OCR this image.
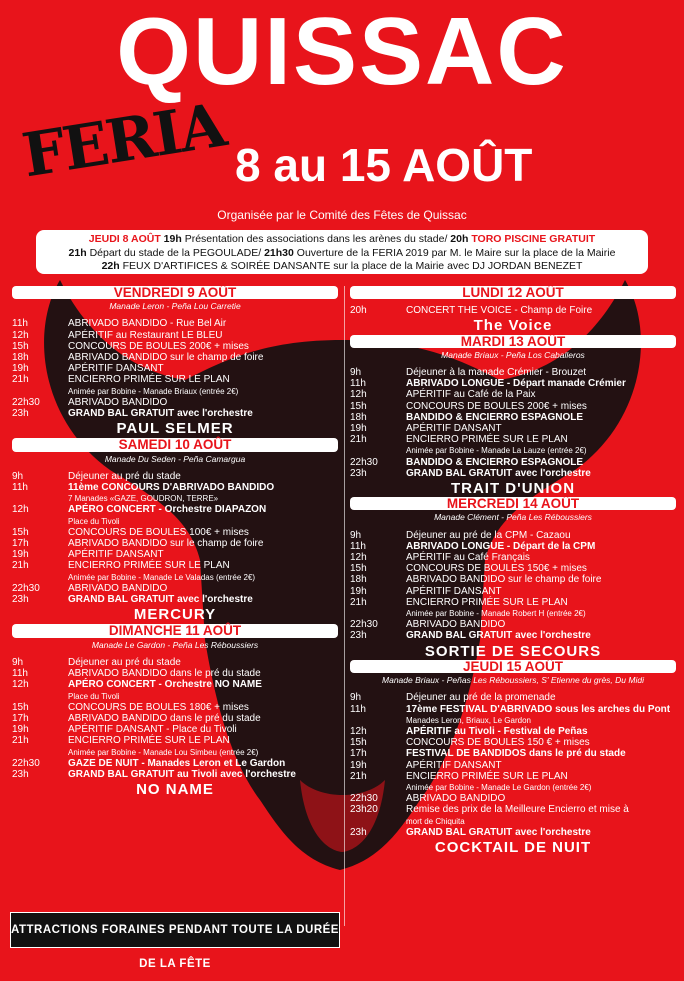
QUISSAC
FERIA 8 au 15 AOÛT
Organisée par le Comité des Fêtes de Quissac
JEUDI 8 AOÛT 19h Présentation des associations dans les arènes du stade/ 20h TORO PISCINE GRATUIT
21h Départ du stade de la PEGOULADE/ 21h30 Ouverture de la FERIA 2019 par M. le Maire sur la place de la Mairie
22h FEUX D'ARTIFICES & SOIRÉE DANSANTE sur la place de la Mairie avec DJ JORDAN BENEZET
VENDREDI 9 AOÛT
Manade Leron - Peña Lou Carretie
11h	ABRIVADO BANDIDO - Rue Bel Air
12h	APÉRITIF au Restaurant LE BLEU
15h	CONCOURS DE BOULES 200€ + mises
18h	ABRIVADO BANDIDO sur le champ de foire
19h	APÉRITIF DANSANT
21h	ENCIERRO PRIMÉE SUR LE PLAN
Animée par Bobine - Manade Briaux (entrée 2€)
22h30	ABRIVADO BANDIDO
23h	GRAND BAL GRATUIT avec l'orchestre
PAUL SELMER
SAMEDI 10 AOÛT
Manade Du Seden - Peña Camargua
9h	Déjeuner au pré du stade
11h	11ème CONCOURS D'ABRIVADO BANDIDO
7 Manades «GAZE, GOUDRON, TERRE»
12h	APÉRO CONCERT - Orchestre DIAPAZON
Place du Tivoli
15h	CONCOURS DE BOULES 100€ + mises
17h	ABRIVADO BANDIDO sur le champ de foire
19h	APÉRITIF DANSANT
21h	ENCIERRO PRIMÉE SUR LE PLAN
Animée par Bobine - Manade Le Valadas (entrée 2€)
22h30	ABRIVADO BANDIDO
23h	GRAND BAL GRATUIT avec l'orchestre
MERCURY
DIMANCHE 11 AOÛT
Manade Le Gardon - Peña Les Réboussiers
9h	Déjeuner au pré du stade
11h	ABRIVADO BANDIDO dans le pré du stade
12h	APÉRO CONCERT - Orchestre NO NAME
Place du Tivoli
15h	CONCOURS DE BOULES 180€ + mises
17h	ABRIVADO BANDIDO dans le pré du stade
19h	APÉRITIF DANSANT - Place du Tivoli
21h	ENCIERRO PRIMÉE SUR LE PLAN
Animée par Bobine - Manade Lou Simbeu (entrée 2€)
22h30	GAZE DE NUIT - Manades Leron et Le Gardon
23h	GRAND BAL GRATUIT au Tivoli avec l'orchestre
NO NAME
LUNDI 12 AOÛT
20h	CONCERT THE VOICE - Champ de Foire
The Voice
MARDI 13 AOÛT
Manade Briaux - Peña Los Caballeros
9h	Déjeuner à la manade Crémier - Brouzet
11h	ABRIVADO LONGUE - Départ manade Crémier
12h	APÉRITIF au Café de la Paix
15h	CONCOURS DE BOULES 200€ + mises
18h	BANDIDO & ENCIERRO ESPAGNOLE
19h	APÉRITIF DANSANT
21h	ENCIERRO PRIMÉE SUR LE PLAN
Animée par Bobine - Manade La Lauze (entrée 2€)
22h30	BANDIDO & ENCIERRO ESPAGNOLE
23h	GRAND BAL GRATUIT avec l'orchestre
TRAIT D'UNION
MERCREDI 14 AOÛT
Manade Clément - Peña Les Réboussiers
9h	Déjeuner au pré de la CPM - Cazaou
11h	ABRIVADO LONGUE - Départ de la CPM
12h	APÉRITIF au Café Français
15h	CONCOURS DE BOULES 150€ + mises
18h	ABRIVADO BANDIDO sur le champ de foire
19h	APÉRITIF DANSANT
21h	ENCIERRO PRIMÉE SUR LE PLAN
Animée par Bobine - Manade Robert H (entrée 2€)
22h30	ABRIVADO BANDIDO
23h	GRAND BAL GRATUIT avec l'orchestre
SORTIE DE SECOURS
JEUDI 15 AOÛT
Manade Briaux - Peñas Les Réboussiers, S' Etienne du grès, Du Midi
9h	Déjeuner au pré de la promenade
11h	17ème FESTIVAL D'ABRIVADO sous les arches du Pont
Manades Leron, Briaux, Le Gardon
12h	APÉRITIF au Tivoli - Festival de Peñas
15h	CONCOURS DE BOULES 150 € + mises
17h	FESTIVAL DE BANDIDOS dans le pré du stade
19h	APÉRITIF DANSANT
21h	ENCIERRO PRIMÉE SUR LE PLAN
Animée par Bobine - Manade Le Gardon (entrée 2€)
22h30	ABRIVADO BANDIDO
23h20	Remise des prix de la Meilleure Encierro et mise à
mort de Chiquita
23h	GRAND BAL GRATUIT avec l'orchestre
COCKTAIL DE NUIT
ATTRACTIONS FORAINES PENDANT TOUTE LA DURÉE DE LA FÊTE
